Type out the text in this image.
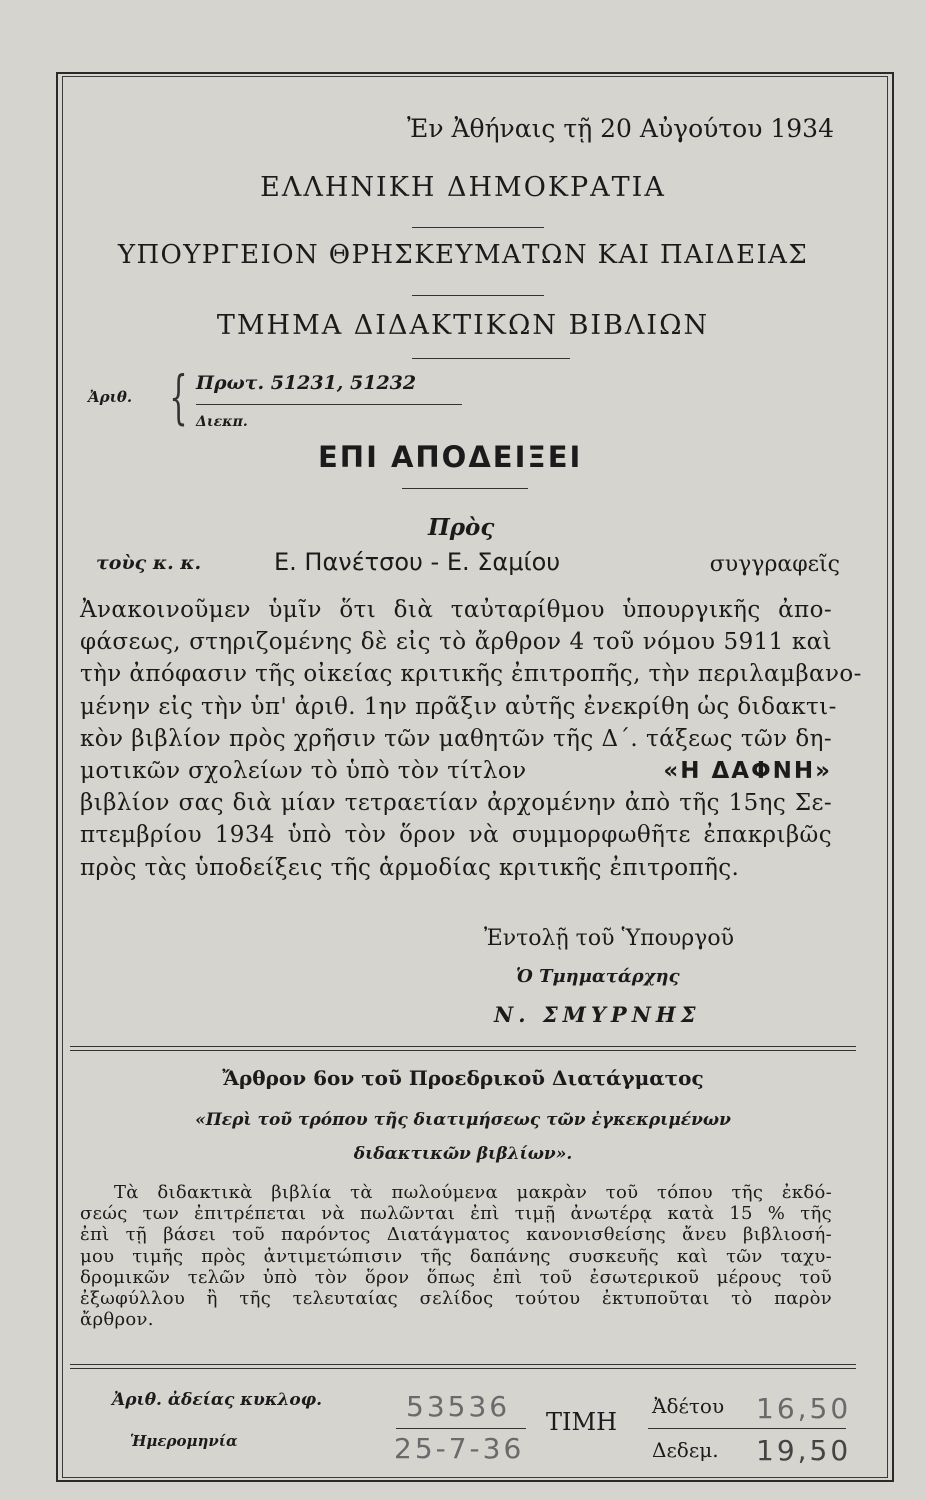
Ἐν Ἀθήναις τῇ 20 Αὐγούτου 1934
ΕΛΛΗΝΙΚΗ ΔΗΜΟΚΡΑΤΙΑ
ΥΠΟΥΡΓΕΙΟΝ ΘΡΗΣΚΕΥΜΑΤΩΝ ΚΑΙ ΠΑΙΔΕΙΑΣ
ΤΜΗΜΑ ΔΙΔΑΚΤΙΚΩΝ ΒΙΒΛΙΩΝ
Ἀριθ. { Πρωτ. 51231, 51232
Διεκπ.
ΕΠΙ ΑΠΟΔΕΙΞΕΙ
Πρὸς
τοὺς κ. κ.	Ε. Πανέτσου - Ε. Σαμίου	συγγραφεῖς
Ἀνακοινοῦμεν ὑμῖν ὅτι διὰ ταὐταρίθμου ὑπουργικῆς ἀπο-
φάσεως, στηριζομένης δὲ εἰς τὸ ἄρθρον 4 τοῦ νόμου 5911 καὶ
τὴν ἀπόφασιν τῆς οἰκείας κριτικῆς ἐπιτροπῆς, τὴν περιλαμβανο-
μένην εἰς τὴν ὑπ' ἀριθ. 1ην πρᾶξιν αὐτῆς ἐνεκρίθη ὡς διδακτι-
κὸν βιβλίον πρὸς χρῆσιν τῶν μαθητῶν τῆς Δ΄. τάξεως τῶν δη-
μοτικῶν σχολείων τὸ ὑπὸ τὸν τίτλον	«Η ΔΑΦΝΗ»
βιβλίον σας διὰ μίαν τετραετίαν ἀρχομένην ἀπὸ τῆς 15ης Σε-
πτεμβρίου 1934 ὑπὸ τὸν ὅρον νὰ συμμορφωθῆτε ἐπακριβῶς
πρὸς τὰς ὑποδείξεις τῆς ἁρμοδίας κριτικῆς ἐπιτροπῆς.
Ἐντολῇ τοῦ Ὑπουργοῦ
Ὁ Τμηματάρχης
Ν. ΣΜΥΡΝΗΣ
Ἄρθρον 6ον τοῦ Προεδρικοῦ Διατάγματος
«Περὶ τοῦ τρόπου τῆς διατιμήσεως τῶν ἐγκεκριμένων
διδακτικῶν βιβλίων».
Τὰ διδακτικὰ βιβλία τὰ πωλούμενα μακρὰν τοῦ τόπου τῆς ἐκδό-
σεώς των ἐπιτρέπεται νὰ πωλῶνται ἐπὶ τιμῇ ἀνωτέρᾳ κατὰ 15 % τῆς
ἐπὶ τῇ βάσει τοῦ παρόντος Διατάγματος κανονισθείσης ἄνευ βιβλιοσή-
μου τιμῆς πρὸς ἀντιμετώπισιν τῆς δαπάνης συσκευῆς καὶ τῶν ταχυ-
δρομικῶν τελῶν ὑπὸ τὸν ὅρον ὅπως ἐπὶ τοῦ ἐσωτερικοῦ μέρους τοῦ
ἐξωφύλλου ἢ τῆς τελευταίας σελίδος τούτου ἐκτυποῦται τὸ παρὸν
ἄρθρον.
Ἀριθ. ἀδείας κυκλοφ.	53536
Ἡμερομηνία	25-7-36
ΤΙΜΗ
Ἀδέτου 16,50
Δεδεμ. 19,50
